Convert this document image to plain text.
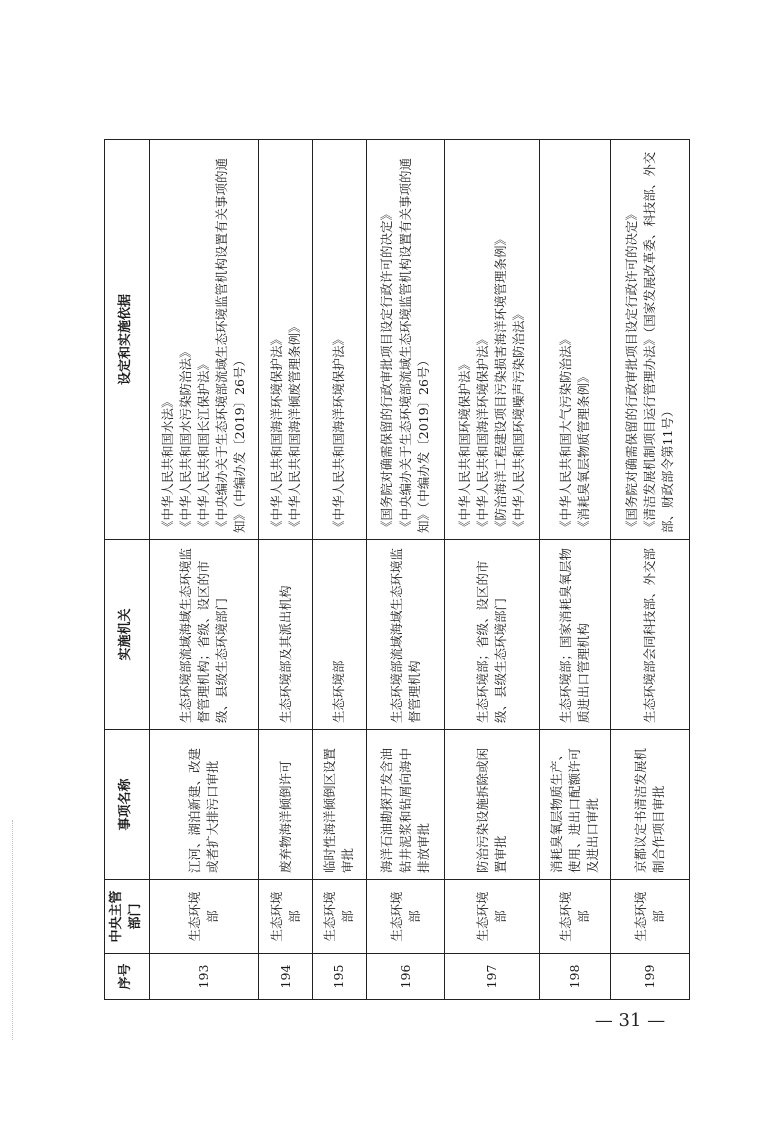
序号	中央主管部门	事项名称	实施机关	设定和实施依据
193	生态环境部	江河、湖泊新建、改建或者扩大排污口审批	生态环境部流域海域生态环境监督管理机构；省级、设区的市级、县级生态环境部门	《中华人民共和国水法》 《中华人民共和国水污染防治法》 《中华人民共和国长江保护法》 《中央编办关于生态环境部流域生态环境监管机构设置有关事项的通知》（中编办发〔2019〕26号）

194	生态环境部	废弃物海洋倾倒许可	生态环境部及其派出机构	《中华人民共和国海洋环境保护法》 《中华人民共和国海洋倾废管理条例》

195	生态环境部	临时性海洋倾倒区设置审批	生态环境部	《中华人民共和国海洋环境保护法》

196	生态环境部	海洋石油勘探开发含油钻井泥浆和钻屑向海中排放审批	生态环境部流域海域生态环境监督管理机构	《国务院对确需保留的行政审批项目设定行政许可的决定》 《中央编办关于生态环境部流域生态环境监管机构设置有关事项的通知》（中编办发〔2019〕26号）

197	生态环境部	防治污染设施拆除或闲置审批	生态环境部；省级、设区的市级、县级生态环境部门	《中华人民共和国环境保护法》 《中华人民共和国海洋环境保护法》 《防治海洋工程建设项目污染损害海洋环境管理条例》 《中华人民共和国环境噪声污染防治法》

198	生态环境部	消耗臭氧层物质生产、使用、进出口配额许可及进出口审批	生态环境部；国家消耗臭氧层物质进出口管理机构	《中华人民共和国大气污染防治法》 《消耗臭氧层物质管理条例》

199	生态环境部	京都议定书清洁发展机制合作项目审批	生态环境部会同科技部、外交部	《国务院对确需保留的行政审批项目设定行政许可的决定》 《清洁发展机制项目运行管理办法》（国家发展改革委、科技部、外交部、财政部令第11号）
— 31 —
